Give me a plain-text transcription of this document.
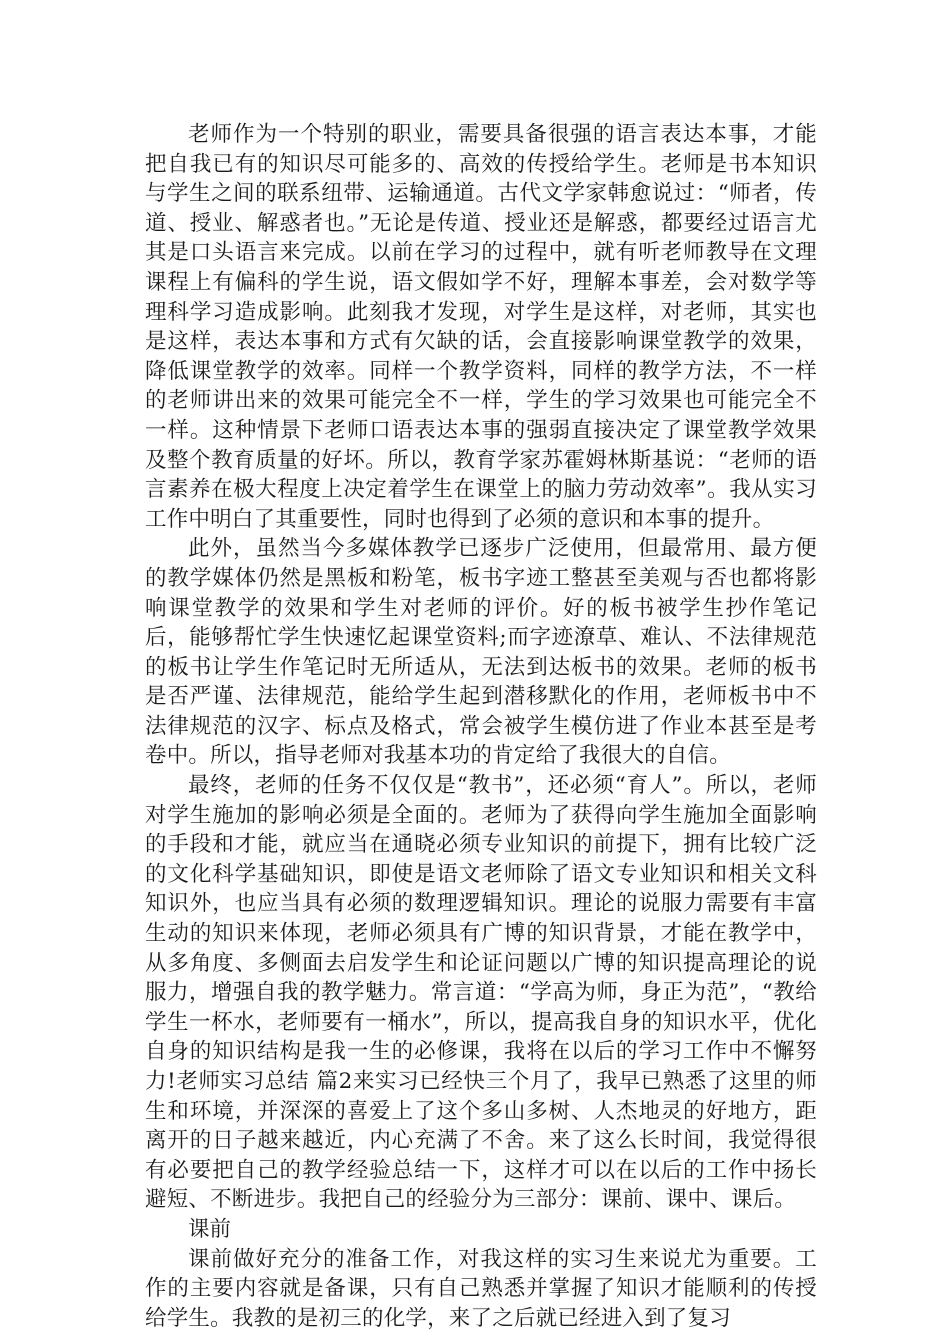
老师作为一个特别的职业，需要具备很强的语言表达本事，才能把自我已有的知识尽可能多的、高效的传授给学生。老师是书本知识与学生之间的联系纽带、运输通道。古代文学家韩愈说过：“师者，传道、授业、解惑者也。”无论是传道、授业还是解惑，都要经过语言尤其是口头语言来完成。以前在学习的过程中，就有听老师教导在文理课程上有偏科的学生说，语文假如学不好，理解本事差，会对数学等理科学习造成影响。此刻我才发现，对学生是这样，对老师，其实也是这样，表达本事和方式有欠缺的话，会直接影响课堂教学的效果，降低课堂教学的效率。同样一个教学资料，同样的教学方法，不一样的老师讲出来的效果可能完全不一样，学生的学习效果也可能完全不一样。这种情景下老师口语表达本事的强弱直接决定了课堂教学效果及整个教育质量的好坏。所以，教育学家苏霍姆林斯基说：“老师的语言素养在极大程度上决定着学生在课堂上的脑力劳动效率”。我从实习工作中明白了其重要性，同时也得到了必须的意识和本事的提升。

此外，虽然当今多媒体教学已逐步广泛使用，但最常用、最方便的教学媒体仍然是黑板和粉笔，板书字迹工整甚至美观与否也都将影响课堂教学的效果和学生对老师的评价。好的板书被学生抄作笔记后，能够帮忙学生快速忆起课堂资料;而字迹潦草、难认、不法律规范的板书让学生作笔记时无所适从，无法到达板书的效果。老师的板书是否严谨、法律规范，能给学生起到潜移默化的作用，老师板书中不法律规范的汉字、标点及格式，常会被学生模仿进了作业本甚至是考卷中。所以，指导老师对我基本功的肯定给了我很大的自信。

最终，老师的任务不仅仅是“教书”，还必须“育人”。所以，老师对学生施加的影响必须是全面的。老师为了获得向学生施加全面影响的手段和才能，就应当在通晓必须专业知识的前提下，拥有比较广泛的文化科学基础知识，即使是语文老师除了语文专业知识和相关文科知识外，也应当具有必须的数理逻辑知识。理论的说服力需要有丰富生动的知识来体现，老师必须具有广博的知识背景，才能在教学中，从多角度、多侧面去启发学生和论证问题以广博的知识提高理论的说服力，增强自我的教学魅力。常言道：“学高为师，身正为范”，“教给学生一杯水，老师要有一桶水”，所以，提高我自身的知识水平，优化自身的知识结构是我一生的必修课，我将在以后的学习工作中不懈努力!老师实习总结 篇2来实习已经快三个月了，我早已熟悉了这里的师生和环境，并深深的喜爱上了这个多山多树、人杰地灵的好地方，距离开的日子越来越近，内心充满了不舍。来了这么长时间，我觉得很有必要把自己的教学经验总结一下，这样才可以在以后的工作中扬长避短、不断进步。我把自己的经验分为三部分：课前、课中、课后。

课前

课前做好充分的准备工作，对我这样的实习生来说尤为重要。工作的主要内容就是备课，只有自己熟悉并掌握了知识才能顺利的传授给学生。我教的是初三的化学，来了之后就已经进入到了复习
